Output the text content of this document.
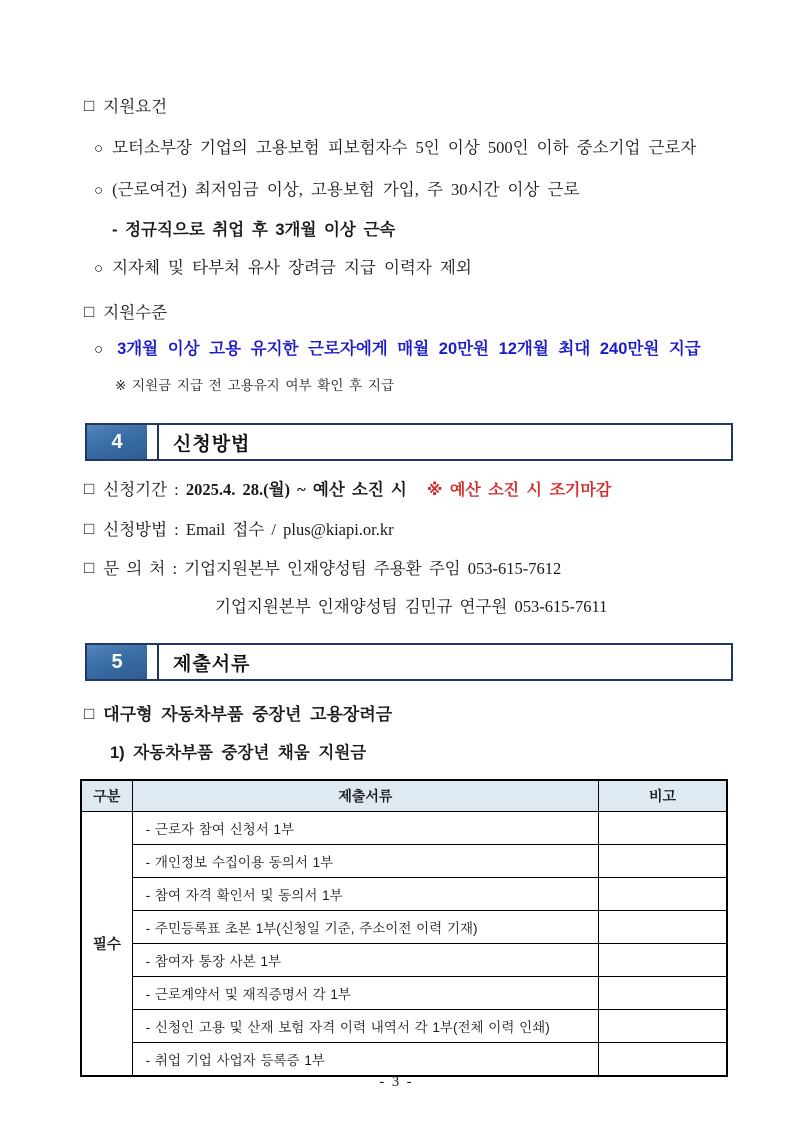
□ 지원요건
○ 모터소부장 기업의 고용보험 피보험자수 5인 이상 500인 이하 중소기업 근로자
○ (근로여건) 최저임금 이상, 고용보험 가입, 주 30시간 이상 근로
- 정규직으로 취업 후 3개월 이상 근속
○ 지자체 및 타부처 유사 장려금 지급 이력자 제외
□ 지원수준
○ 3개월 이상 고용 유지한 근로자에게 매월 20만원 12개월 최대 240만원 지급
※ 지원금 지급 전 고용유지 여부 확인 후 지급
4	신청방법
□ 신청기간 : 2025.4. 28.(월) ~ 예산 소진 시 ※ 예산 소진 시 조기마감
□ 신청방법 : Email 접수 / plus@kiapi.or.kr
□ 문 의 처 : 기업지원본부 인재양성팀 주용환 주임 053-615-7612
기업지원본부 인재양성팀 김민규 연구원 053-615-7611
5	제출서류
□ 대구형 자동차부품 중장년 고용장려금
1) 자동차부품 중장년 채움 지원금
구분	제출서류	비고
필수	- 근로자 참여 신청서 1부	
	- 개인정보 수집이용 동의서 1부	
	- 참여 자격 확인서 및 동의서 1부	
	- 주민등록표 초본 1부(신청일 기준, 주소이전 이력 기재)	
	- 참여자 통장 사본 1부	
	- 근로계약서 및 재직증명서 각 1부	
	- 신청인 고용 및 산재 보험 자격 이력 내역서 각 1부(전체 이력 인쇄)	
	- 취업 기업 사업자 등록증 1부	
- 3 -
